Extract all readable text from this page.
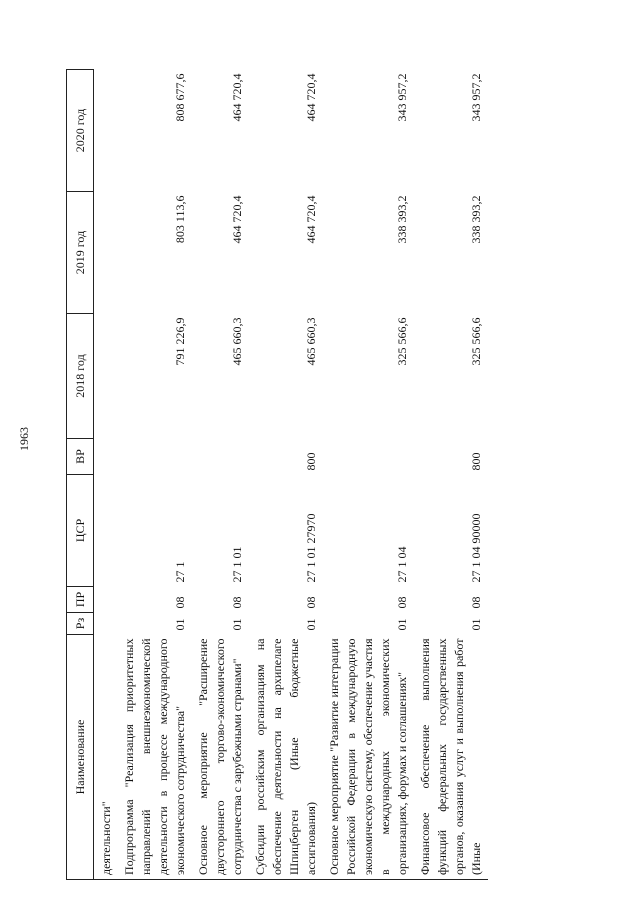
1963
Наименование	Рз	ПР	ЦСР	ВР	2018 год	2019 год	2020 год
деятельности"							
Подпрограмма "Реализация приоритетных направлений внешнеэкономической деятельности в процессе международного экономического сотрудничества"	01	08	27 1		791 226,9	803 113,6	808 677,6
Основное мероприятие "Расширение двустороннего торгово-экономического сотрудничества с зарубежными странами"	01	08	27 1 01		465 660,3	464 720,4	464 720,4
Субсидии российским организациям на обеспечение деятельности на архипелаге Шпицберген (Иные бюджетные ассигнования)	01	08	27 1 01 27970	800	465 660,3	464 720,4	464 720,4
Основное мероприятие "Развитие интеграции Российской Федерации в международную экономическую систему, обеспечение участия в международных экономических организациях, форумах и соглашениях"	01	08	27 1 04		325 566,6	338 393,2	343 957,2
Финансовое обеспечение выполнения функций федеральных государственных органов, оказания услуг и выполнения работ (Иные	01	08	27 1 04 90000	800	325 566,6	338 393,2	343 957,2
